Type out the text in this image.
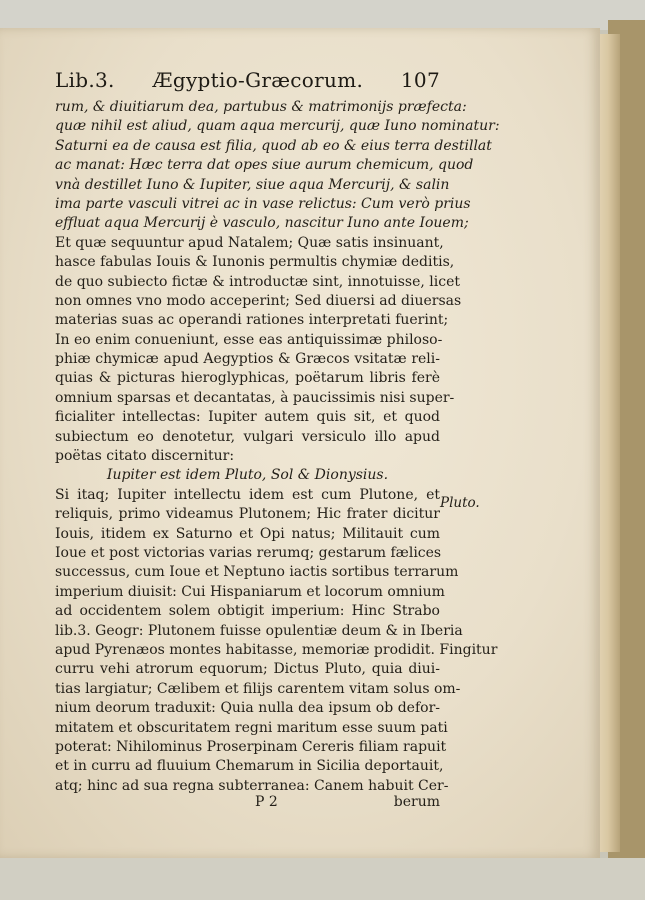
Lib.3. Ægyptio-Græcorum. 107
rum, & diuitiarum dea, partubus & matrimonijs præfecta:
quæ nihil est aliud, quam aqua mercurij, quæ Iuno nominatur:
Saturni ea de causa est filia, quod ab eo & eius terra destillat
ac manat: Hæc terra dat opes siue aurum chemicum, quod
vnà destillet Iuno & Iupiter, siue aqua Mercurij, & salin
ima parte vasculi vitrei ac in vase relictus: Cum verò prius
effluat aqua Mercurij è vasculo, nascitur Iuno ante Iouem;
Et quæ sequuntur apud Natalem; Quæ satis insinuant,
hasce fabulas Iouis & Iunonis permultis chymiæ deditis,
de quo subiecto fictæ & introductæ sint, innotuisse, licet
non omnes vno modo acceperint; Sed diuersi ad diuersas
materias suas ac operandi rationes interpretati fuerint;
In eo enim conueniunt, esse eas antiquissimæ philoso-
phiæ chymicæ apud Aegyptios & Græcos vsitatæ reli-
quias & picturas hieroglyphicas, poëtarum libris ferè
omnium sparsas et decantatas, à paucissimis nisi super-
ficialiter intellectas: Iupiter autem quis sit, et quod
subiectum eo denotetur, vulgari versiculo illo apud
poëtas citato discernitur:
Iupiter est idem Pluto, Sol & Dionysius.
Si itaq; Iupiter intellectu idem est cum Plutone, et
reliquis, primo videamus Plutonem; Hic frater dicitur
Iouis, itidem ex Saturno et Opi natus; Militauit cum
Ioue et post victorias varias rerumq; gestarum fælices
successus, cum Ioue et Neptuno iactis sortibus terrarum
imperium diuisit: Cui Hispaniarum et locorum omnium
ad occidentem solem obtigit imperium: Hinc Strabo
lib.3. Geogr: Plutonem fuisse opulentiæ deum & in Iberia
apud Pyrenæos montes habitasse, memoriæ prodidit. Fingitur
curru vehi atrorum equorum; Dictus Pluto, quia diui-
tias largiatur; Cælibem et filijs carentem vitam solus om-
nium deorum traduxit: Quia nulla dea ipsum ob defor-
mitatem et obscuritatem regni maritum esse suum pati
poterat: Nihilominus Proserpinam Cereris filiam rapuit
et in curru ad fluuium Chemarum in Sicilia deportauit,
atq; hinc ad sua regna subterranea: Canem habuit Cer-
Pluto.
P 2	berum
